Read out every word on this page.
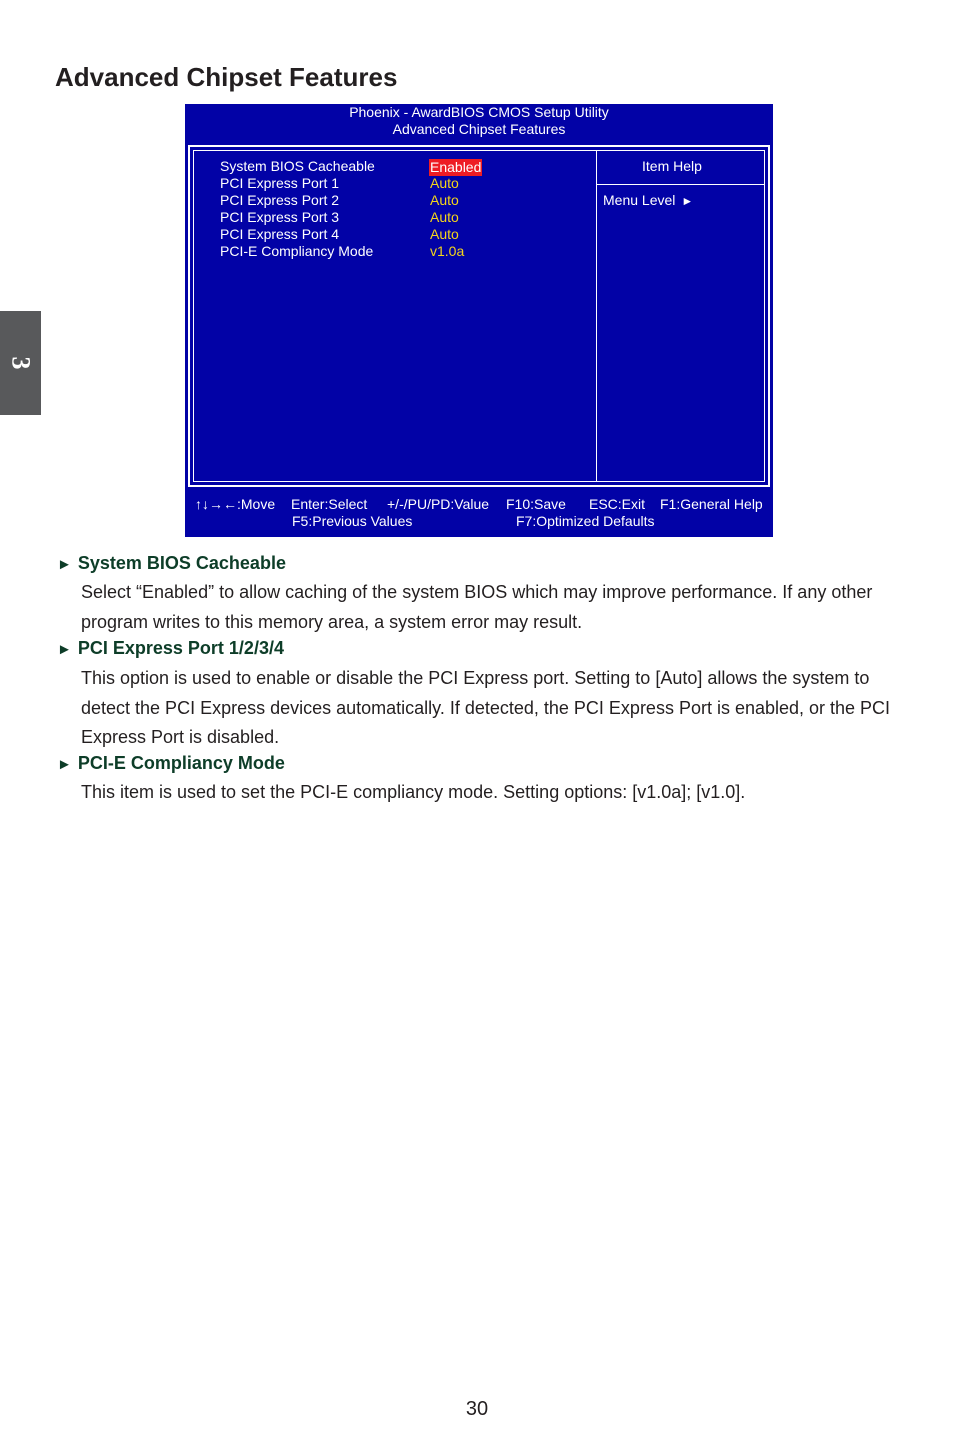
3
Advanced Chipset Features
Phoenix - AwardBIOS CMOS Setup Utility
Advanced Chipset Features
System BIOS Cacheable	Enabled
PCI Express Port 1	Auto
PCI Express Port 2	Auto
PCI Express Port 3	Auto
PCI Express Port 4	Auto
PCI-E Compliancy Mode	v1.0a
Item Help
Menu Level ►
↑↓→←:Move Enter:Select +/-/PU/PD:Value F10:Save ESC:Exit F1:General Help
F5:Previous Values	F7:Optimized Defaults
► System BIOS Cacheable

Select “Enabled” to allow caching of the system BIOS which may improve performance. If any other program writes to this memory area, a system error may result.

► PCI Express Port 1/2/3/4

This option is used to enable or disable the PCI Express port. Setting to [Auto] allows the system to detect the PCI Express devices automatically. If detected, the PCI Express Port is enabled, or the PCI Express Port is disabled.

► PCI-E Compliancy Mode

This item is used to set the PCI-E compliancy mode. Setting options: [v1.0a]; [v1.0].

30
